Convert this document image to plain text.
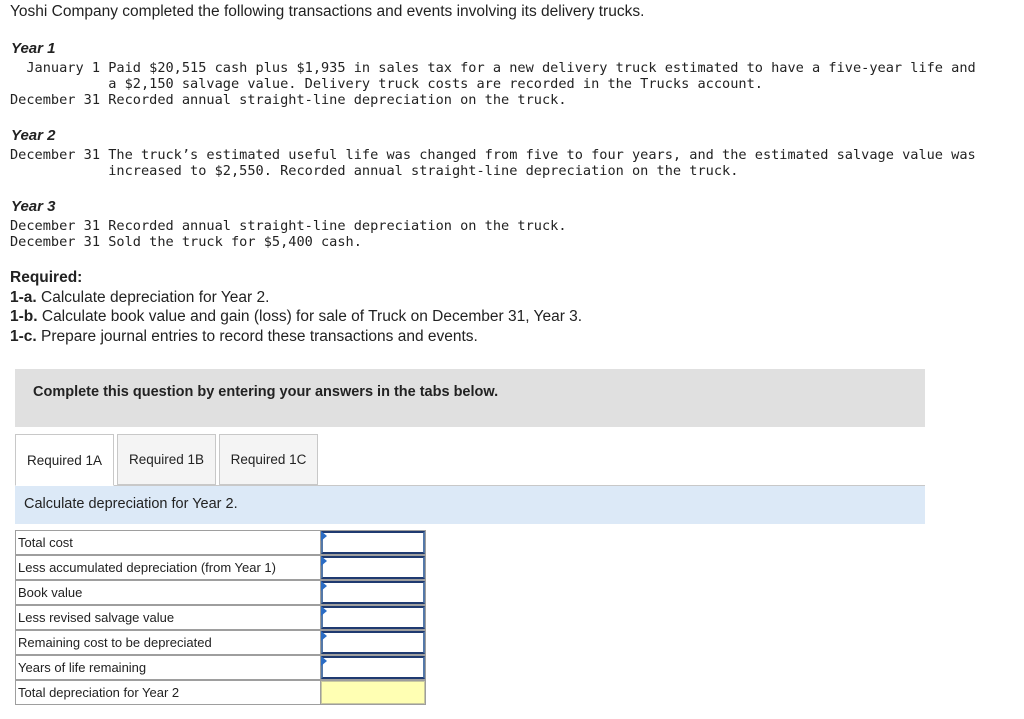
Yoshi Company completed the following transactions and events involving its delivery trucks.
Year 1
January 1 Paid $20,515 cash plus $1,935 in sales tax for a new delivery truck estimated to have a five-year life and
a $2,150 salvage value. Delivery truck costs are recorded in the Trucks account.
December 31 Recorded annual straight-line depreciation on the truck.
Year 2
December 31 The truck’s estimated useful life was changed from five to four years, and the estimated salvage value was
increased to $2,550. Recorded annual straight-line depreciation on the truck.
Year 3
December 31 Recorded annual straight-line depreciation on the truck.
December 31 Sold the truck for $5,400 cash.
Required:
1-a. Calculate depreciation for Year 2.
1-b. Calculate book value and gain (loss) for sale of Truck on December 31, Year 3.
1-c. Prepare journal entries to record these transactions and events.
Complete this question by entering your answers in the tabs below.
Required 1A Required 1B Required 1C
Calculate depreciation for Year 2.
Total cost
Less accumulated depreciation (from Year 1)
Book value
Less revised salvage value
Remaining cost to be depreciated
Years of life remaining
Total depreciation for Year 2
